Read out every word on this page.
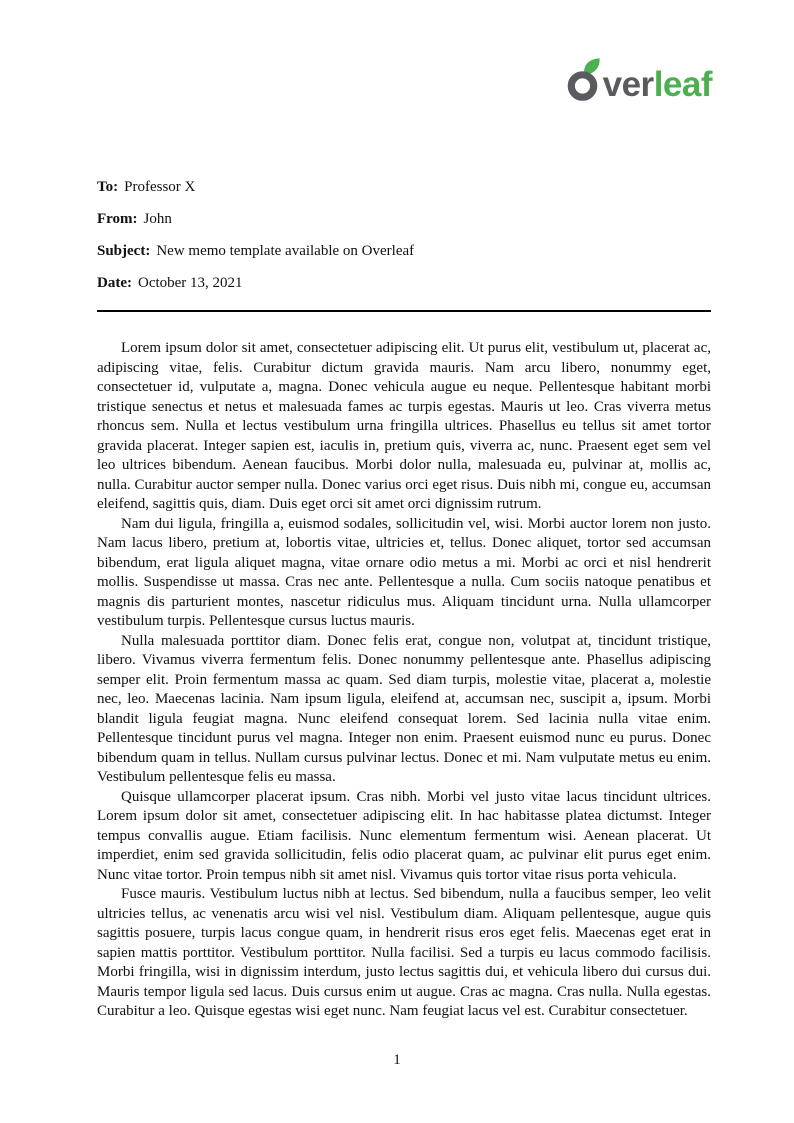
verleaf

To: Professor X

From: John

Subject: New memo template available on Overleaf

Date: October 13, 2021

Lorem ipsum dolor sit amet, consectetuer adipiscing elit. Ut purus elit, vestibulum ut, placerat ac, adipiscing vitae, felis. Curabitur dictum gravida mauris. Nam arcu libero, nonummy eget, consectetuer id, vulputate a, magna. Donec vehicula augue eu neque. Pellentesque habitant morbi tristique senectus et netus et malesuada fames ac turpis egestas. Mauris ut leo. Cras viverra metus rhoncus sem. Nulla et lectus vestibulum urna fringilla ultrices. Phasellus eu tellus sit amet tortor gravida placerat. Integer sapien est, iaculis in, pretium quis, viverra ac, nunc. Praesent eget sem vel leo ultrices bibendum. Aenean faucibus. Morbi dolor nulla, malesuada eu, pulvinar at, mollis ac, nulla. Curabitur auctor semper nulla. Donec varius orci eget risus. Duis nibh mi, congue eu, accumsan eleifend, sagittis quis, diam. Duis eget orci sit amet orci dignissim rutrum.

Nam dui ligula, fringilla a, euismod sodales, sollicitudin vel, wisi. Morbi auctor lorem non justo. Nam lacus libero, pretium at, lobortis vitae, ultricies et, tellus. Donec aliquet, tortor sed accumsan bibendum, erat ligula aliquet magna, vitae ornare odio metus a mi. Morbi ac orci et nisl hendrerit mollis. Suspendisse ut massa. Cras nec ante. Pellentesque a nulla. Cum sociis natoque penatibus et magnis dis parturient montes, nascetur ridiculus mus. Aliquam tincidunt urna. Nulla ullamcorper vestibulum turpis. Pellentesque cursus luctus mauris.

Nulla malesuada porttitor diam. Donec felis erat, congue non, volutpat at, tincidunt tristique, libero. Vivamus viverra fermentum felis. Donec nonummy pellentesque ante. Phasellus adipiscing semper elit. Proin fermentum massa ac quam. Sed diam turpis, molestie vitae, placerat a, molestie nec, leo. Maecenas lacinia. Nam ipsum ligula, eleifend at, accumsan nec, suscipit a, ipsum. Morbi blandit ligula feugiat magna. Nunc eleifend consequat lorem. Sed lacinia nulla vitae enim. Pellentesque tincidunt purus vel magna. Integer non enim. Praesent euismod nunc eu purus. Donec bibendum quam in tellus. Nullam cursus pulvinar lectus. Donec et mi. Nam vulputate metus eu enim. Vestibulum pellentesque felis eu massa.

Quisque ullamcorper placerat ipsum. Cras nibh. Morbi vel justo vitae lacus tincidunt ultrices. Lorem ipsum dolor sit amet, consectetuer adipiscing elit. In hac habitasse platea dictumst. Integer tempus convallis augue. Etiam facilisis. Nunc elementum fermentum wisi. Aenean placerat. Ut imperdiet, enim sed gravida sollicitudin, felis odio placerat quam, ac pulvinar elit purus eget enim. Nunc vitae tortor. Proin tempus nibh sit amet nisl. Vivamus quis tortor vitae risus porta vehicula.

Fusce mauris. Vestibulum luctus nibh at lectus. Sed bibendum, nulla a faucibus semper, leo velit ultricies tellus, ac venenatis arcu wisi vel nisl. Vestibulum diam. Aliquam pellentesque, augue quis sagittis posuere, turpis lacus congue quam, in hendrerit risus eros eget felis. Maecenas eget erat in sapien mattis porttitor. Vestibulum porttitor. Nulla facilisi. Sed a turpis eu lacus commodo facilisis. Morbi fringilla, wisi in dignissim interdum, justo lectus sagittis dui, et vehicula libero dui cursus dui. Mauris tempor ligula sed lacus. Duis cursus enim ut augue. Cras ac magna. Cras nulla. Nulla egestas. Curabitur a leo. Quisque egestas wisi eget nunc. Nam feugiat lacus vel est. Curabitur consectetuer.

1
